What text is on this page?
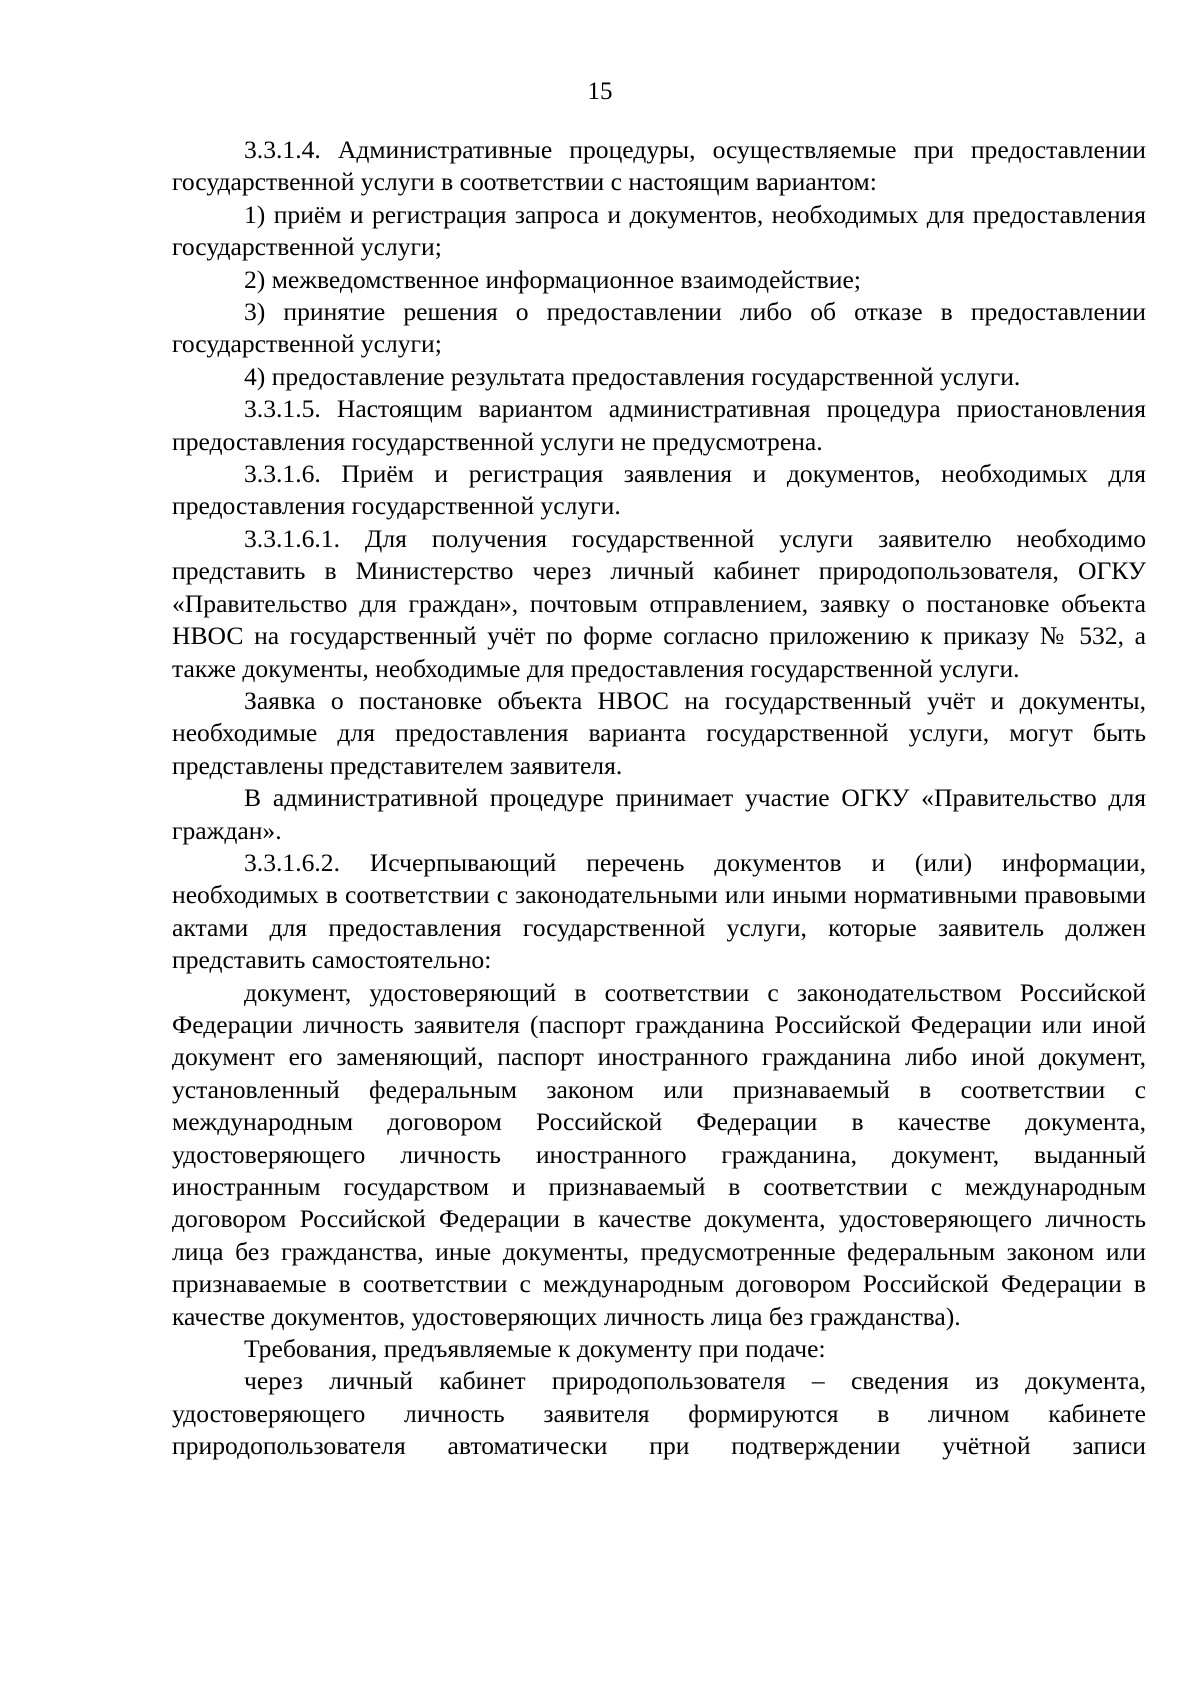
15

3.3.1.4. Административные процедуры, осуществляемые при предоставлении государственной услуги в соответствии с настоящим вариантом:

1) приём и регистрация запроса и документов, необходимых для предоставления государственной услуги;

2) межведомственное информационное взаимодействие;

3) принятие решения о предоставлении либо об отказе в предоставлении государственной услуги;

4) предоставление результата предоставления государственной услуги.

3.3.1.5. Настоящим вариантом административная процедура приостановления предоставления государственной услуги не предусмотрена.

3.3.1.6. Приём и регистрация заявления и документов, необходимых для предоставления государственной услуги.

3.3.1.6.1. Для получения государственной услуги заявителю необходимо представить в Министерство через личный кабинет природопользователя, ОГКУ «Правительство для граждан», почтовым отправлением, заявку о постановке объекта НВОС на государственный учёт по форме согласно приложению к приказу № 532, а также документы, необходимые для предоставления государственной услуги.

Заявка о постановке объекта НВОС на государственный учёт и документы, необходимые для предоставления варианта государственной услуги, могут быть представлены представителем заявителя.

В административной процедуре принимает участие ОГКУ «Правительство для граждан».

3.3.1.6.2. Исчерпывающий перечень документов и (или) информации, необходимых в соответствии с законодательными или иными нормативными правовыми актами для предоставления государственной услуги, которые заявитель должен представить самостоятельно:

документ, удостоверяющий в соответствии с законодательством Российской Федерации личность заявителя (паспорт гражданина Российской Федерации или иной документ его заменяющий, паспорт иностранного гражданина либо иной документ, установленный федеральным законом или признаваемый в соответствии с международным договором Российской Федерации в качестве документа, удостоверяющего личность иностранного гражданина, документ, выданный иностранным государством и признаваемый в соответствии с международным договором Российской Федерации в качестве документа, удостоверяющего личность лица без гражданства, иные документы, предусмотренные федеральным законом или признаваемые в соответствии с международным договором Российской Федерации в качестве документов, удостоверяющих личность лица без гражданства).

Требования, предъявляемые к документу при подаче:

через личный кабинет природопользователя – сведения из документа, удостоверяющего личность заявителя формируются в личном кабинете природопользователя автоматически при подтверждении учётной записи
